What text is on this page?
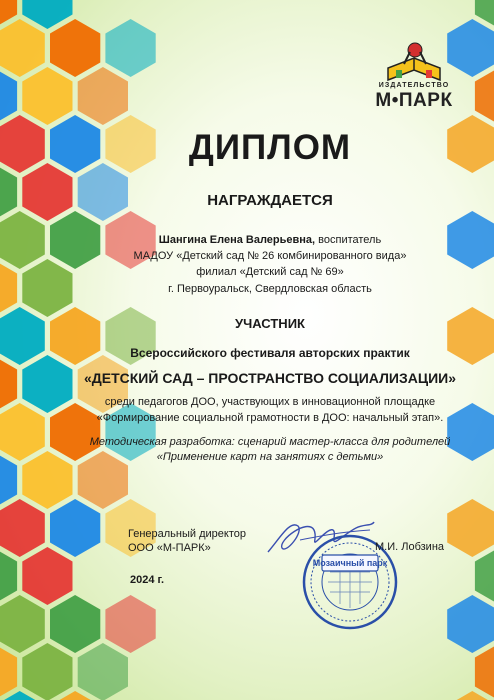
ИЗДАТЕЛЬСТВО
М•ПАРК
ДИПЛОМ
НАГРАЖДАЕТСЯ
Шангина Елена Валерьевна, воспитатель
МАДОУ «Детский сад № 26 комбинированного вида»
филиал «Детский сад № 69»
г. Первоуральск, Свердловская область
УЧАСТНИК
Всероссийского фестиваля авторских практик
«ДЕТСКИЙ САД – ПРОСТРАНСТВО СОЦИАЛИЗАЦИИ»
среди педагогов ДОО, участвующих в инновационной площадке
«Формирование социальной грамотности в ДОО: начальный этап».
Методическая разработка: сценарий мастер-класса для родителей
«Применение карт на занятиях с детьми»
Генеральный директор
ООО «М-ПАРК»
Мозаичный парк
М.И. Лобзина
2024 г.
